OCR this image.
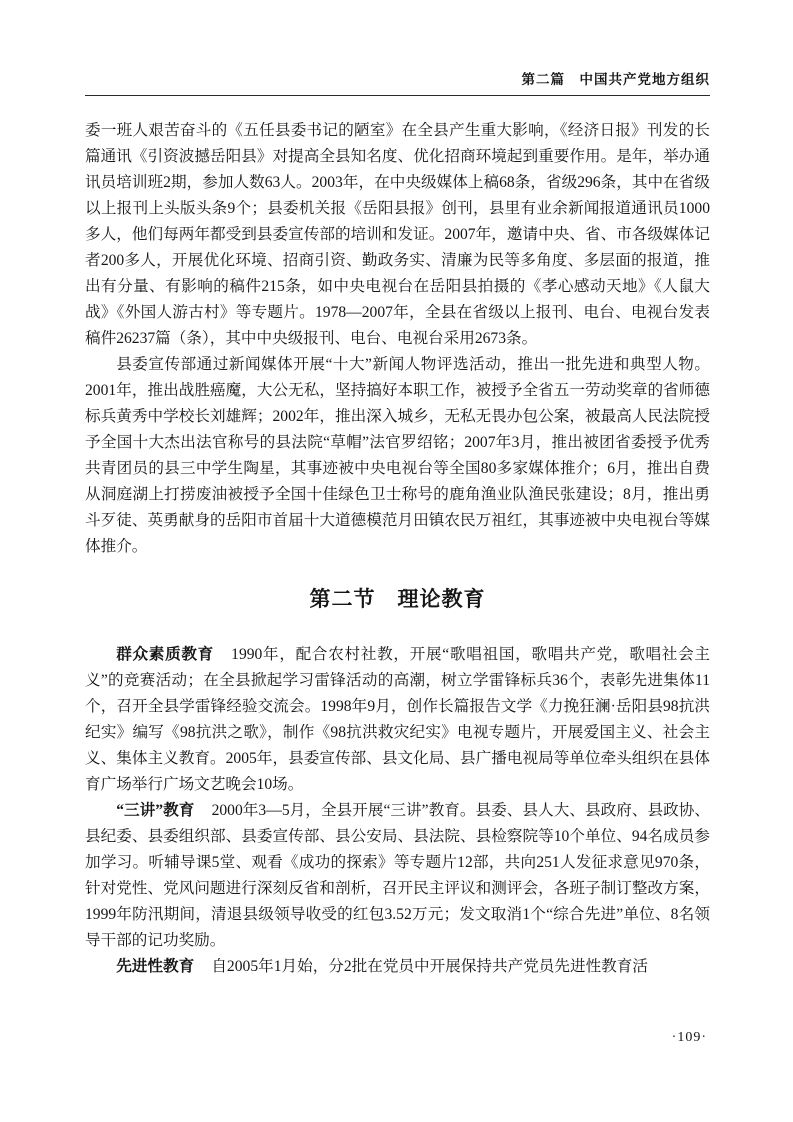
第二篇　中国共产党地方组织

委一班人艰苦奋斗的《五任县委书记的陋室》在全县产生重大影响，《经济日报》刊发的长篇通讯《引资波撼岳阳县》对提高全县知名度、优化招商环境起到重要作用。是年，举办通讯员培训班2期，参加人数63人。2003年，在中央级媒体上稿68条，省级296条，其中在省级以上报刊上头版头条9个；县委机关报《岳阳县报》创刊，县里有业余新闻报道通讯员1000多人，他们每两年都受到县委宣传部的培训和发证。2007年，邀请中央、省、市各级媒体记者200多人，开展优化环境、招商引资、勤政务实、清廉为民等多角度、多层面的报道，推出有分量、有影响的稿件215条，如中央电视台在岳阳县拍摄的《孝心感动天地》《人鼠大战》《外国人游古村》等专题片。1978—2007年，全县在省级以上报刊、电台、电视台发表稿件26237篇（条），其中中央级报刊、电台、电视台采用2673条。

县委宣传部通过新闻媒体开展“十大”新闻人物评选活动，推出一批先进和典型人物。2001年，推出战胜癌魔，大公无私，坚持搞好本职工作，被授予全省五一劳动奖章的省师德标兵黄秀中学校长刘雄辉；2002年，推出深入城乡，无私无畏办包公案，被最高人民法院授予全国十大杰出法官称号的县法院“草帽”法官罗绍铭；2007年3月，推出被团省委授予优秀共青团员的县三中学生陶星，其事迹被中央电视台等全国80多家媒体推介；6月，推出自费从洞庭湖上打捞废油被授予全国十佳绿色卫士称号的鹿角渔业队渔民张建设；8月，推出勇斗歹徒、英勇献身的岳阳市首届十大道德模范月田镇农民万祖红，其事迹被中央电视台等媒体推介。

第二节　理论教育

群众素质教育 1990年，配合农村社教，开展“歌唱祖国，歌唱共产党，歌唱社会主义”的竞赛活动；在全县掀起学习雷锋活动的高潮，树立学雷锋标兵36个，表彰先进集体11个，召开全县学雷锋经验交流会。1998年9月，创作长篇报告文学《力挽狂澜·岳阳县98抗洪纪实》编写《98抗洪之歌》，制作《98抗洪救灾纪实》电视专题片，开展爱国主义、社会主义、集体主义教育。2005年，县委宣传部、县文化局、县广播电视局等单位牵头组织在县体育广场举行广场文艺晚会10场。

“三讲”教育 2000年3—5月，全县开展“三讲”教育。县委、县人大、县政府、县政协、县纪委、县委组织部、县委宣传部、县公安局、县法院、县检察院等10个单位、94名成员参加学习。听辅导课5堂、观看《成功的探索》等专题片12部，共向251人发征求意见970条，针对党性、党风问题进行深刻反省和剖析，召开民主评议和测评会，各班子制订整改方案，1999年防汛期间，清退县级领导收受的红包3.52万元；发文取消1个“综合先进”单位、8名领导干部的记功奖励。

先进性教育 自2005年1月始，分2批在党员中开展保持共产党员先进性教育活

·109·
